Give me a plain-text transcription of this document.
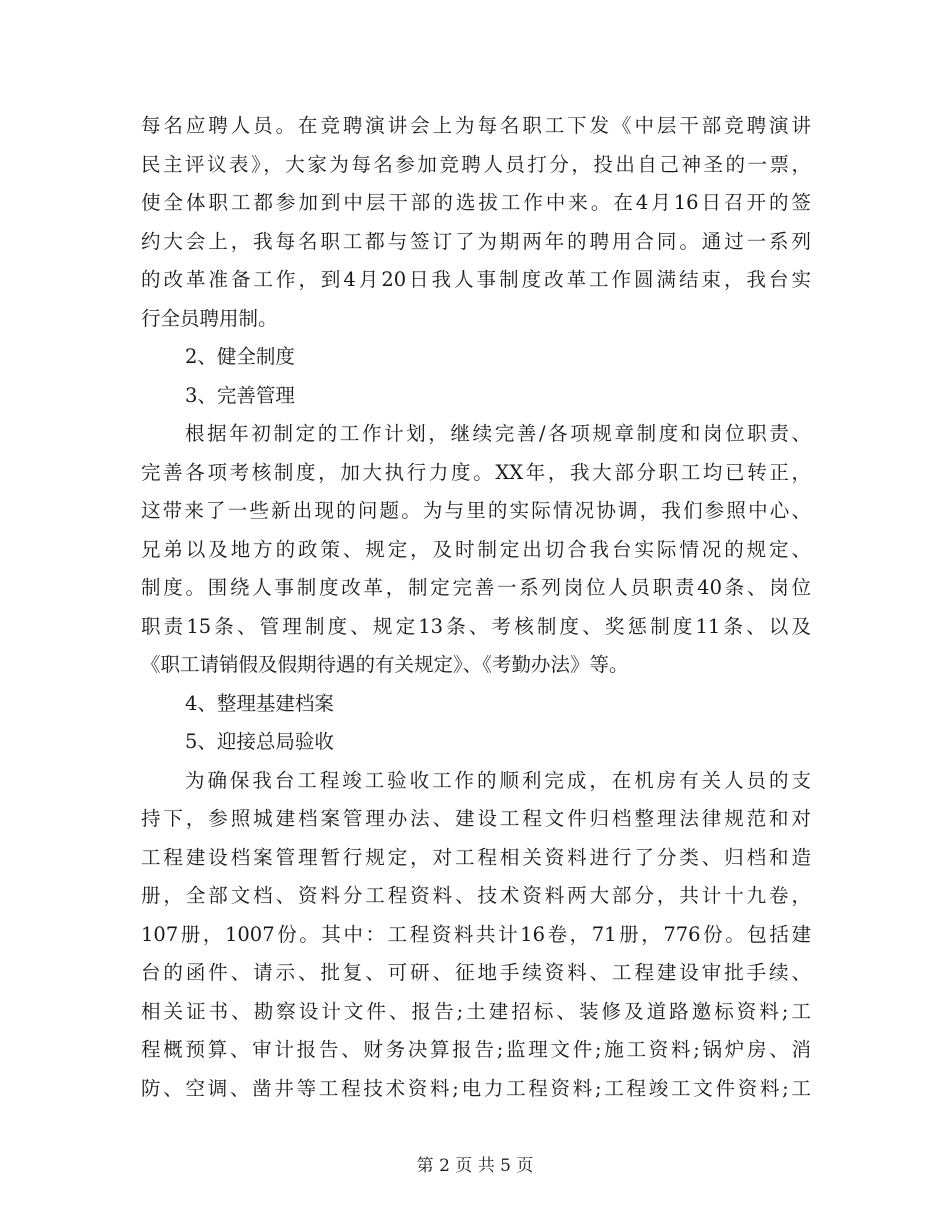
每名应聘人员。在竞聘演讲会上为每名职工下发《中层干部竞聘演讲
民主评议表》，大家为每名参加竞聘人员打分，投出自己神圣的一票，
使全体职工都参加到中层干部的选拔工作中来。在4月16日召开的签
约大会上，我每名职工都与签订了为期两年的聘用合同。通过一系列
的改革准备工作，到4月20日我人事制度改革工作圆满结束，我台实
行全员聘用制。
2、健全制度
3、完善管理
根据年初制定的工作计划，继续完善/各项规章制度和岗位职责、
完善各项考核制度，加大执行力度。XX年，我大部分职工均已转正，
这带来了一些新出现的问题。为与里的实际情况协调，我们参照中心、
兄弟以及地方的政策、规定，及时制定出切合我台实际情况的规定、
制度。围绕人事制度改革，制定完善一系列岗位人员职责40条、岗位
职责15条、管理制度、规定13条、考核制度、奖惩制度11条、以及
《职工请销假及假期待遇的有关规定》、《考勤办法》等。
4、整理基建档案
5、迎接总局验收
为确保我台工程竣工验收工作的顺利完成，在机房有关人员的支
持下，参照城建档案管理办法、建设工程文件归档整理法律规范和对
工程建设档案管理暂行规定，对工程相关资料进行了分类、归档和造
册，全部文档、资料分工程资料、技术资料两大部分，共计十九卷，
107册，1007份。其中：工程资料共计16卷，71册，776份。包括建
台的函件、请示、批复、可研、征地手续资料、工程建设审批手续、
相关证书、勘察设计文件、报告;土建招标、装修及道路邀标资料;工
程概预算、审计报告、财务决算报告;监理文件;施工资料;锅炉房、消
防、空调、凿井等工程技术资料;电力工程资料;工程竣工文件资料;工
第 2 页 共 5 页
